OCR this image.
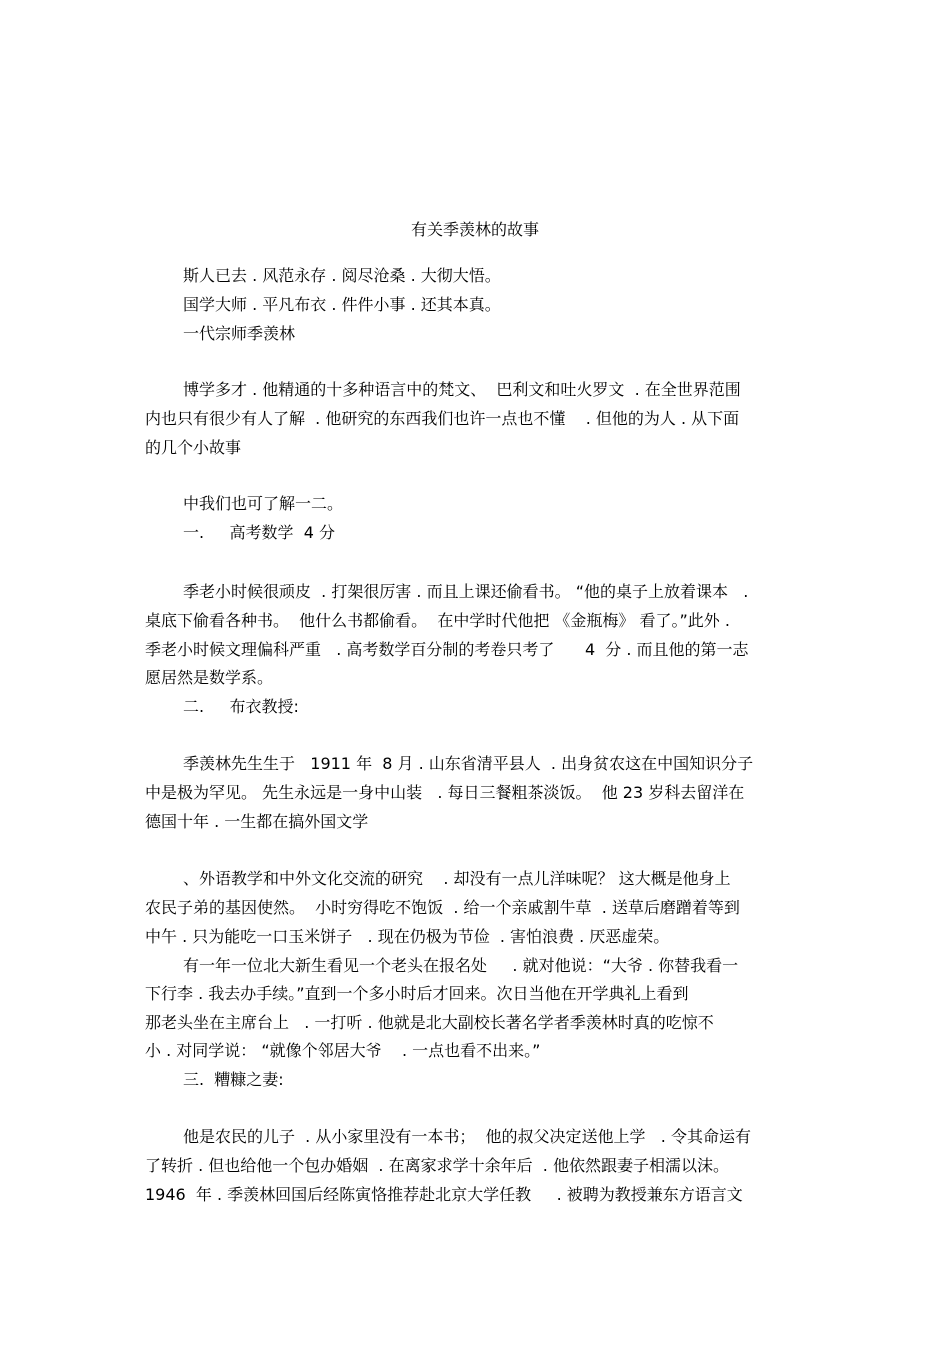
有关季羡林的故事
斯人已去 . 风范永存 . 阅尽沧桑 . 大彻大悟。
国学大师 . 平凡布衣 . 件件小事 . 还其本真。
一代宗师季羡林
博学多才 . 他精通的十多种语言中的梵文、  巴利文和吐火罗文  . 在全世界范围
内也只有很少有人了解  . 他研究的东西我们也许一点也不懂    . 但他的为人 . 从下面
的几个小故事
中我们也可了解一二。
一.     高考数学  4 分
季老小时候很顽皮  . 打架很厉害 . 而且上课还偷看书。 “他的桌子上放着课本   .
桌底下偷看各种书。  他什么书都偷看。  在中学时代他把 《金瓶梅》 看了。”此外 .
季老小时候文理偏科严重   . 高考数学百分制的考卷只考了      4  分 . 而且他的第一志
愿居然是数学系。
二.     布衣教授:
季羡林先生生于   1911 年  8 月 . 山东省清平县人  . 出身贫农这在中国知识分子
中是极为罕见。 先生永远是一身中山装   . 每日三餐粗茶淡饭。  他 23 岁科去留洋在
德国十年 . 一生都在搞外国文学
、外语教学和中外文化交流的研究    . 却没有一点儿洋味呢？ 这大概是他身上
农民子弟的基因使然。  小时穷得吃不饱饭  . 给一个亲戚割牛草  . 送草后磨蹭着等到
中午 . 只为能吃一口玉米饼子   . 现在仍极为节俭  . 害怕浪费 . 厌恶虚荣。
有一年一位北大新生看见一个老头在报名处     . 就对他说：“大爷 . 你替我看一
下行李 . 我去办手续。”直到一个多小时后才回来。次日当他在开学典礼上看到
那老头坐在主席台上   . 一打听 . 他就是北大副校长著名学者季羡林时真的吃惊不
小 . 对同学说： “就像个邻居大爷    . 一点也看不出来。”
三.  糟糠之妻:
他是农民的儿子  . 从小家里没有一本书；  他的叔父决定送他上学   . 令其命运有
了转折 . 但也给他一个包办婚姻  . 在离家求学十余年后  . 他依然跟妻子相濡以沫。
1946  年 . 季羡林回国后经陈寅恪推荐赴北京大学任教     . 被聘为教授兼东方语言文
